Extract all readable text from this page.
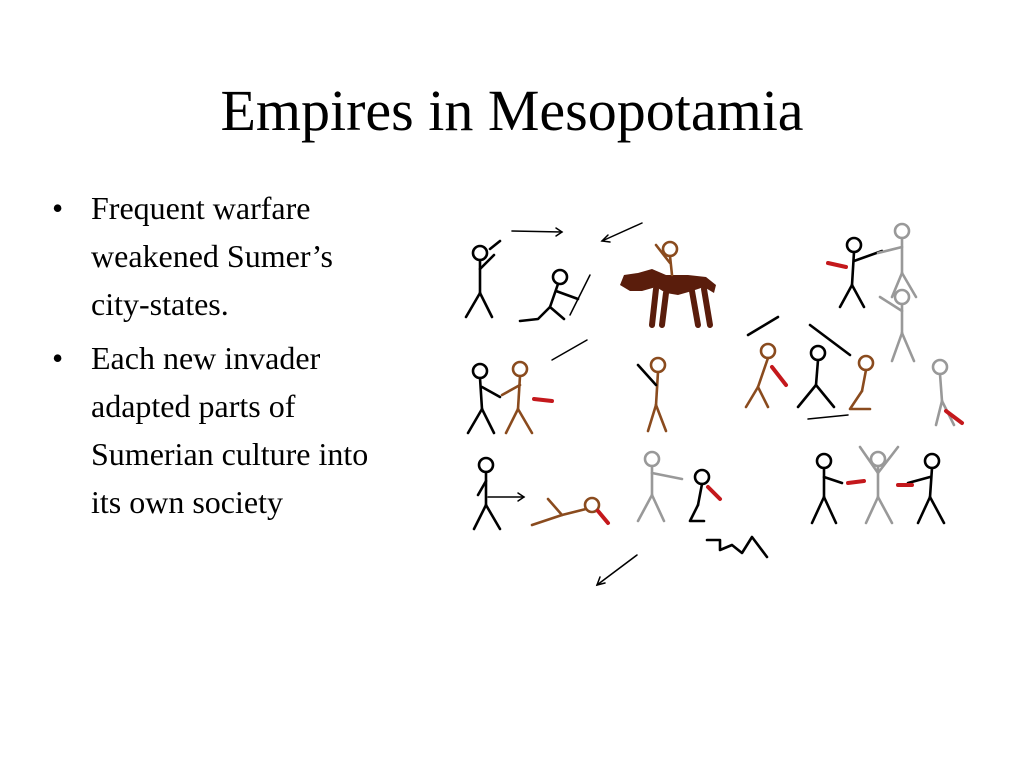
Empires in Mesopotamia
• Frequent warfare weakened Sumer’s city-states.
• Each new invader adapted parts of Sumerian culture into its own society
